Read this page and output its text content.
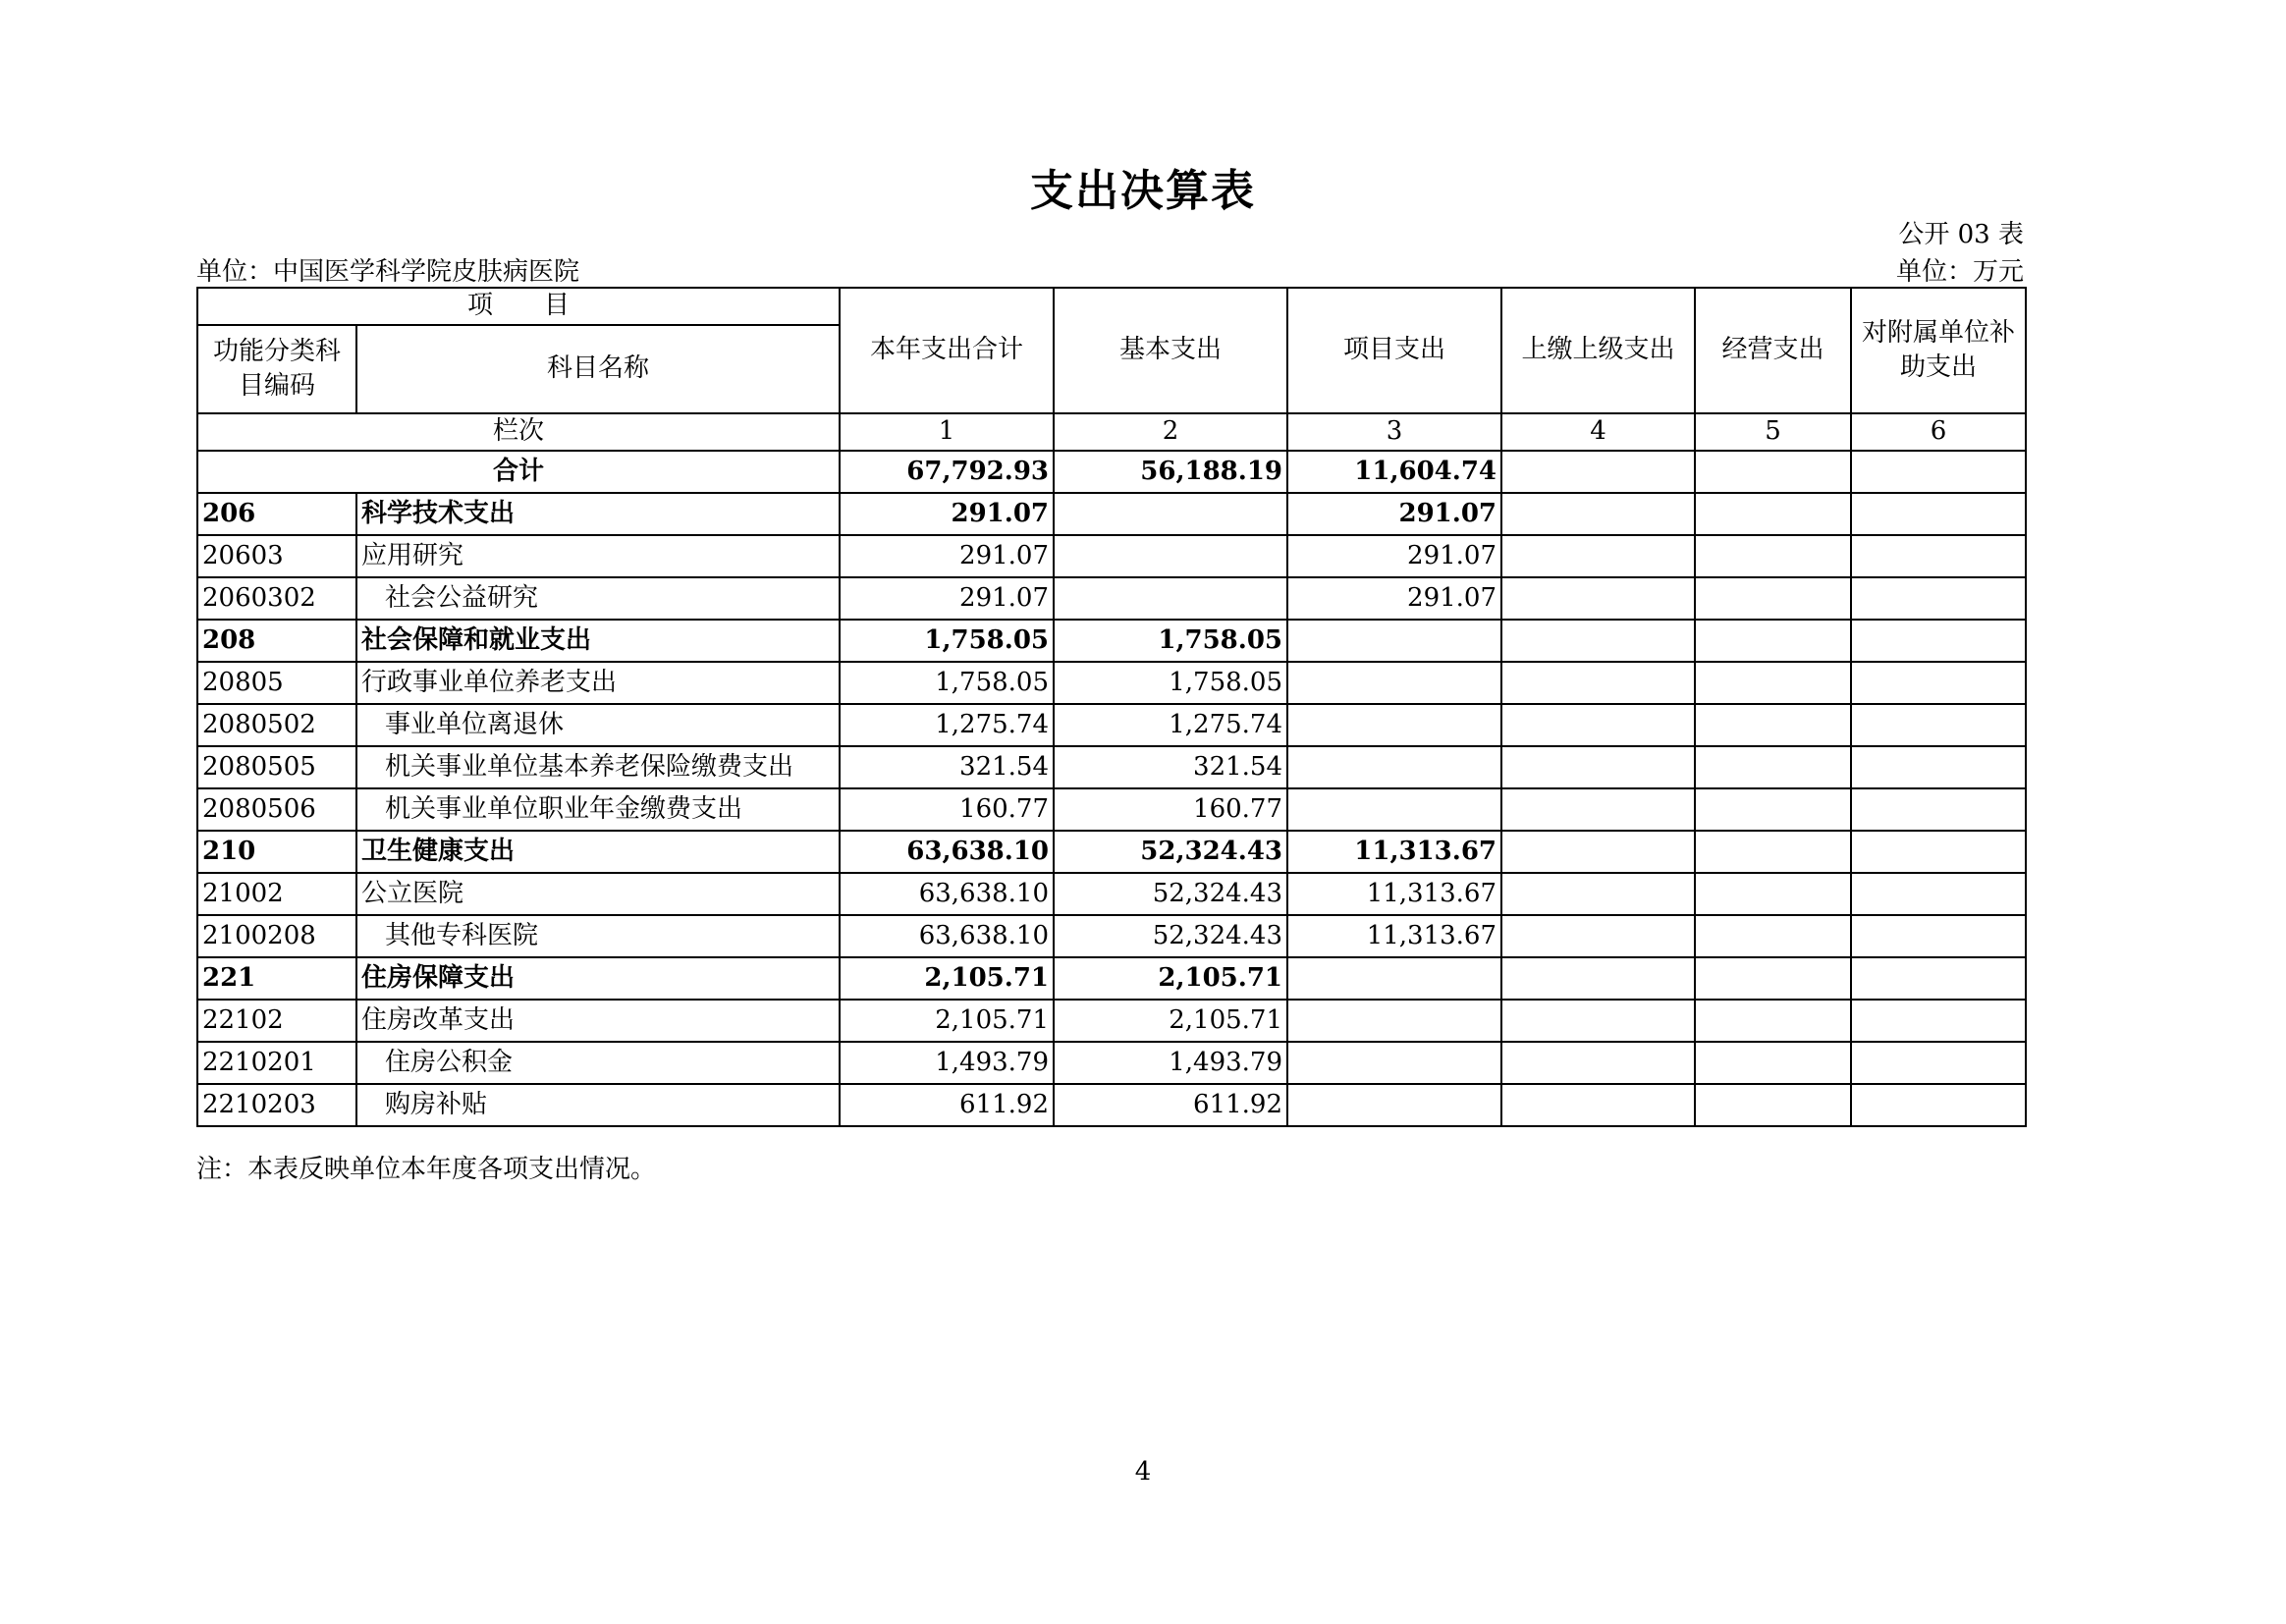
支出决算表
公开 03 表
单位：中国医学科学院皮肤病医院	单位：万元
项　　目		本年支出合计	基本支出	项目支出	上缴上级支出	经营支出	对附属单位补助支出
功能分类科目编码	科目名称						
栏次		1	2	3	4	5	6
合计		67,792.93	56,188.19	11,604.74			
206	科学技术支出	291.07		291.07			
20603	应用研究	291.07		291.07			
2060302	社会公益研究	291.07		291.07			
208	社会保障和就业支出	1,758.05	1,758.05				
20805	行政事业单位养老支出	1,758.05	1,758.05				
2080502	事业单位离退休	1,275.74	1,275.74				
2080505	机关事业单位基本养老保险缴费支出	321.54	321.54				
2080506	机关事业单位职业年金缴费支出	160.77	160.77				
210	卫生健康支出	63,638.10	52,324.43	11,313.67			
21002	公立医院	63,638.10	52,324.43	11,313.67			
2100208	其他专科医院	63,638.10	52,324.43	11,313.67			
221	住房保障支出	2,105.71	2,105.71				
22102	住房改革支出	2,105.71	2,105.71				
2210201	住房公积金	1,493.79	1,493.79				
2210203	购房补贴	611.92	611.92				
注：本表反映单位本年度各项支出情况。
4
